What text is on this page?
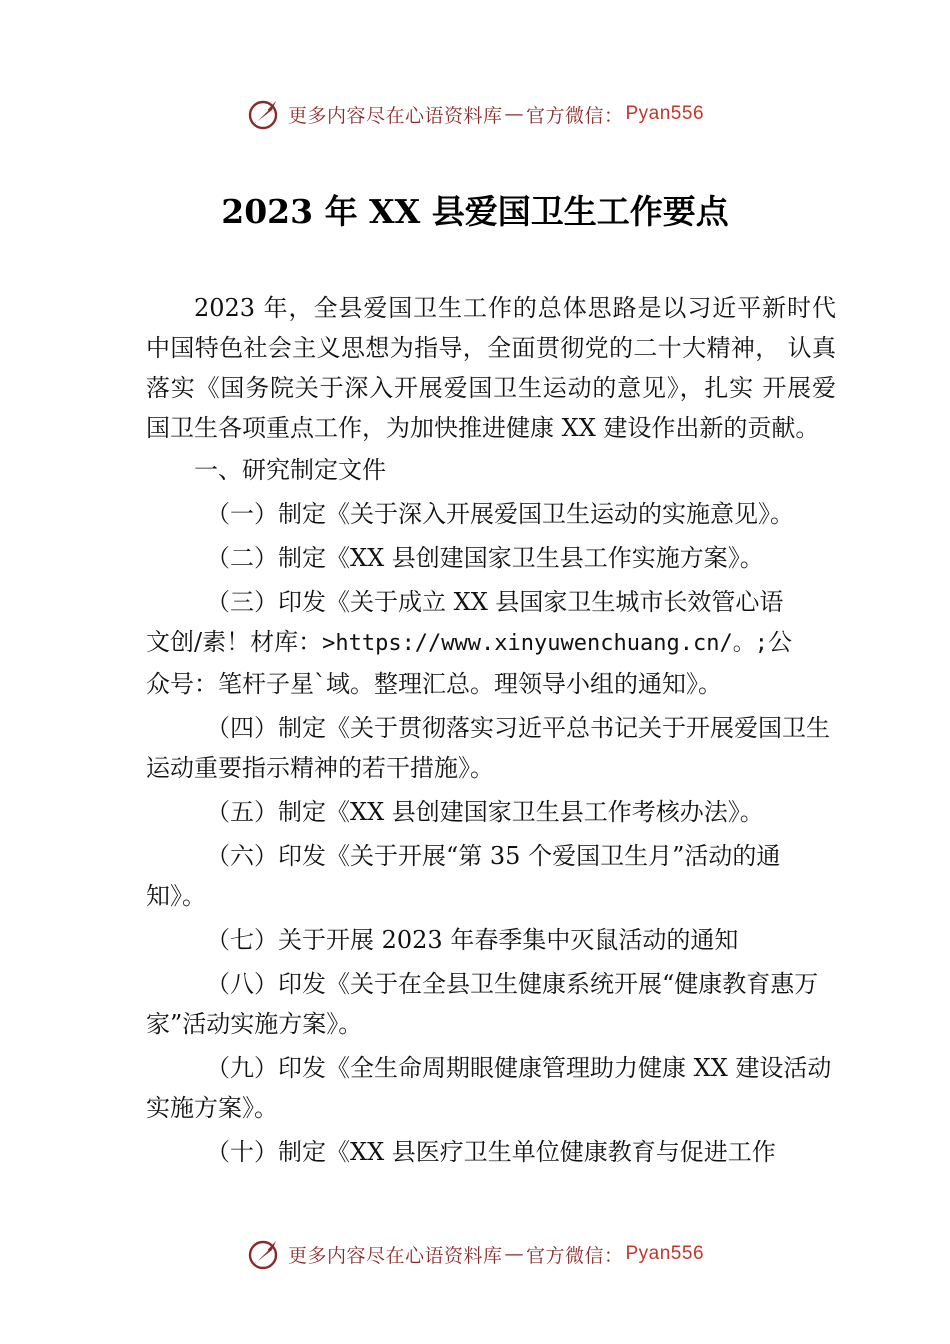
更多内容尽在心语资料库 — 官方微信： Pyan556
2023 年 XX 县爱国卫生工作要点

2023 年，全县爱国卫生工作的总体思路是以习近平新时代中国特色社会主义思想为指导，全面贯彻党的二十大精神， 认真落实《国务院关于深入开展爱国卫生运动的意见》，扎实 开展爱国卫生各项重点工作，为加快推进健康 XX 建设作出新的贡献。

一、研究制定文件

（一）制定《关于深入开展爱国卫生运动的实施意见》。

（二）制定《XX 县创建国家卫生县工作实施方案》。

（三）印发《关于成立 XX 县国家卫生城市长效管心语
文创/素！材库：>https://www.xinyuwenchuang.cn/。;公
众号：笔杆子星`域。整理汇总。理领导小组的通知》。

（四）制定《关于贯彻落实习近平总书记关于开展爱国卫生运动重要指示精神的若干措施》。

（五）制定《XX 县创建国家卫生县工作考核办法》。

（六）印发《关于开展“第 35 个爱国卫生月”活动的通知》。

（七）关于开展 2023 年春季集中灭鼠活动的通知

（八）印发《关于在全县卫生健康系统开展“健康教育惠万家”活动实施方案》。

（九）印发《全生命周期眼健康管理助力健康 XX 建设活动实施方案》。

（十）制定《XX 县医疗卫生单位健康教育与促进工作

更多内容尽在心语资料库 — 官方微信： Pyan556
